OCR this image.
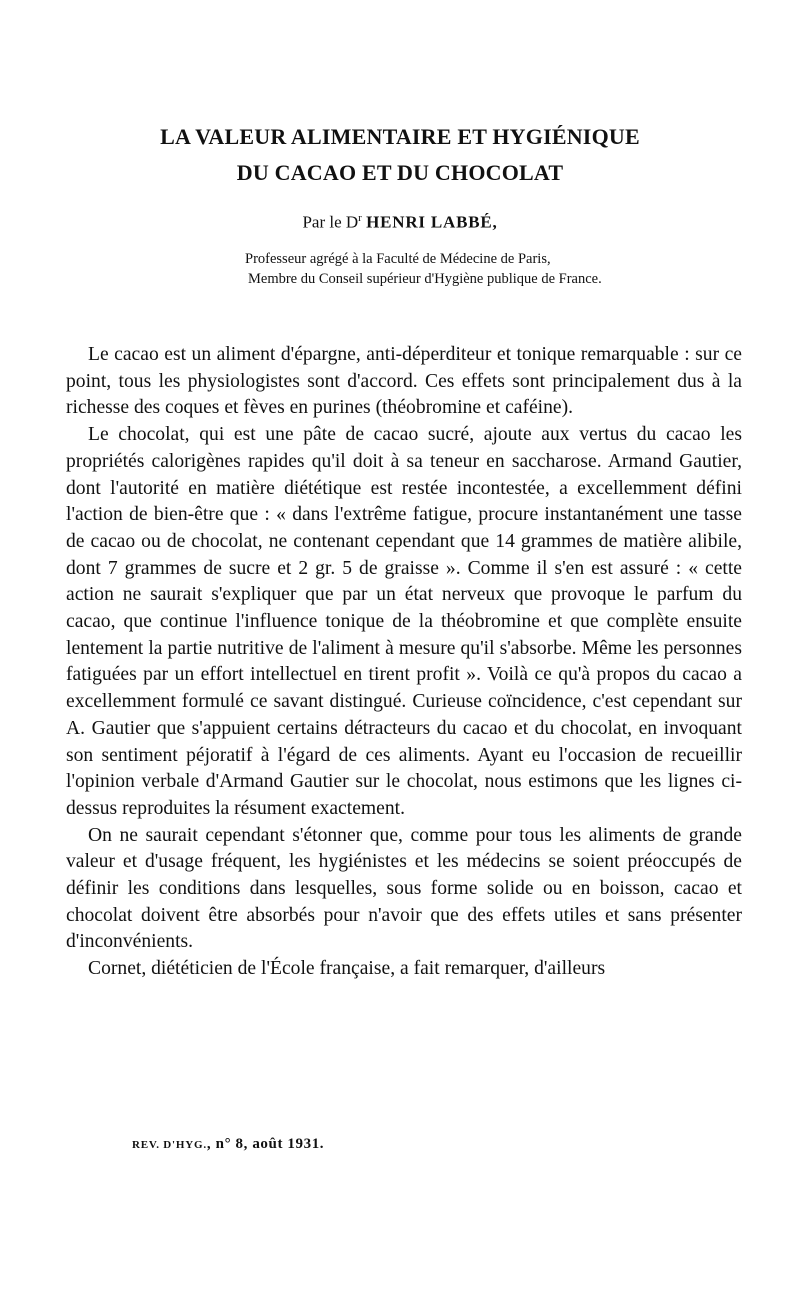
LA VALEUR ALIMENTAIRE ET HYGIÉNIQUE
DU CACAO ET DU CHOCOLAT
Par le $D^r$ HENRI LABBÉ,
Professeur agrégé à la Faculté de Médecine de Paris,
Membre du Conseil supérieur d'Hygiène publique de France.

Le cacao est un aliment d'épargne, anti-déperditeur et tonique remarquable : sur ce point, tous les physiologistes sont d'accord. Ces effets sont principalement dus à la richesse des coques et fèves en purines (théobromine et caféine).

Le chocolat, qui est une pâte de cacao sucré, ajoute aux vertus du cacao les propriétés calorigènes rapides qu'il doit à sa teneur en saccharose. Armand Gautier, dont l'autorité en matière diététique est restée incontestée, a excellemment défini l'action de bien-être que : « dans l'extrême fatigue, procure instantanément une tasse de cacao ou de chocolat, ne contenant cependant que 14 grammes de matière alibile, dont 7 grammes de sucre et 2 gr. 5 de graisse ». Comme il s'en est assuré : « cette action ne saurait s'expliquer que par un état nerveux que provoque le parfum du cacao, que continue l'influence tonique de la théobromine et que complète ensuite lentement la partie nutritive de l'aliment à mesure qu'il s'absorbe. Même les personnes fatiguées par un effort intellectuel en tirent profit ». Voilà ce qu'à propos du cacao a excellemment formulé ce savant distingué. Curieuse coïncidence, c'est cependant sur A. Gautier que s'appuient certains détracteurs du cacao et du chocolat, en invoquant son sentiment péjoratif à l'égard de ces aliments. Ayant eu l'occasion de recueillir l'opinion verbale d'Armand Gautier sur le chocolat, nous estimons que les lignes ci-dessus reproduites la résument exactement.

On ne saurait cependant s'étonner que, comme pour tous les aliments de grande valeur et d'usage fréquent, les hygiénistes et les médecins se soient préoccupés de définir les conditions dans lesquelles, sous forme solide ou en boisson, cacao et chocolat doivent être absorbés pour n'avoir que des effets utiles et sans présenter d'inconvénients.

Cornet, diététicien de l'École française, a fait remarquer, d'ailleurs

REV. D'HYG., n° 8, août 1931.
